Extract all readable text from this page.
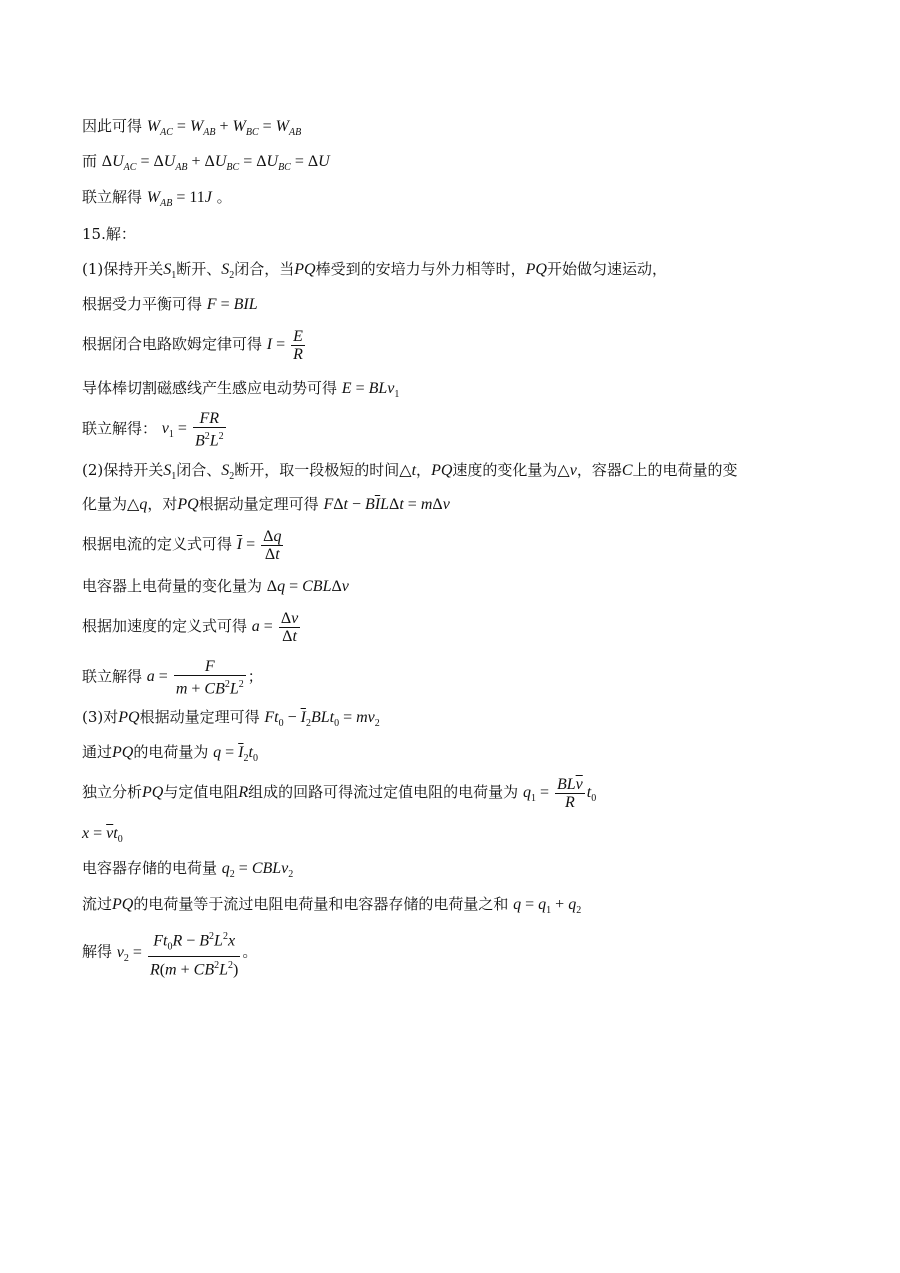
因此可得 $W_{AC} = W_{AB} + W_{BC} = W_{AB}$
而 $\Delta U_{AC} = \Delta U_{AB} + \Delta U_{BC} = \Delta U_{BC} = \Delta U$
联立解得 $W_{AB} = 11J$ 。
15.解：
(1)保持开关$S_1$断开、$S_2$闭合，当PQ棒受到的安培力与外力相等时，PQ开始做匀速运动，
根据受力平衡可得 F = BIL
根据闭合电路欧姆定律可得 $I = \frac{E}{R}$
导体棒切割磁感线产生感应电动势可得 E = BLv$_1$
联立解得： $v_1 = \frac{FR}{B^2L^2}$
(2)保持开关$S_1$闭合、$S_2$断开，取一段极短的时间△t，PQ速度的变化量为△v，容器C上的电荷量的变
化量为△q，对PQ根据动量定理可得 $F\Delta t - B\overline{I}L\Delta t = m\Delta v$
根据电流的定义式可得 $\overline{I} = \frac{\Delta q}{\Delta t}$
电容器上电荷量的变化量为 Δq = CBLΔv
根据加速度的定义式可得 $a = \frac{\Delta v}{\Delta t}$
联立解得 $a = \frac{F}{m + CB^2L^2}$ ；
(3)对PQ根据动量定理可得 $Ft_0 - \overline{I}_2BLt_0 = mv_2$
通过PQ的电荷量为 $q = \overline{I}_2t_0$
独立分析PQ与定值电阻R组成的回路可得流过定值电阻的电荷量为 $q_1 = \frac{BL\overline{v}}{R} t_0$
$x = \overline{v}t_0$
电容器存储的电荷量 $q_2$ = CBLv$_2$
流过PQ的电荷量等于流过电阻电荷量和电容器存储的电荷量之和 $q = q_1 + q_2$
解得 $v_2 = \frac{Ft_0R - B^2L^2x}{R(m + CB^2L^2)}$ 。
